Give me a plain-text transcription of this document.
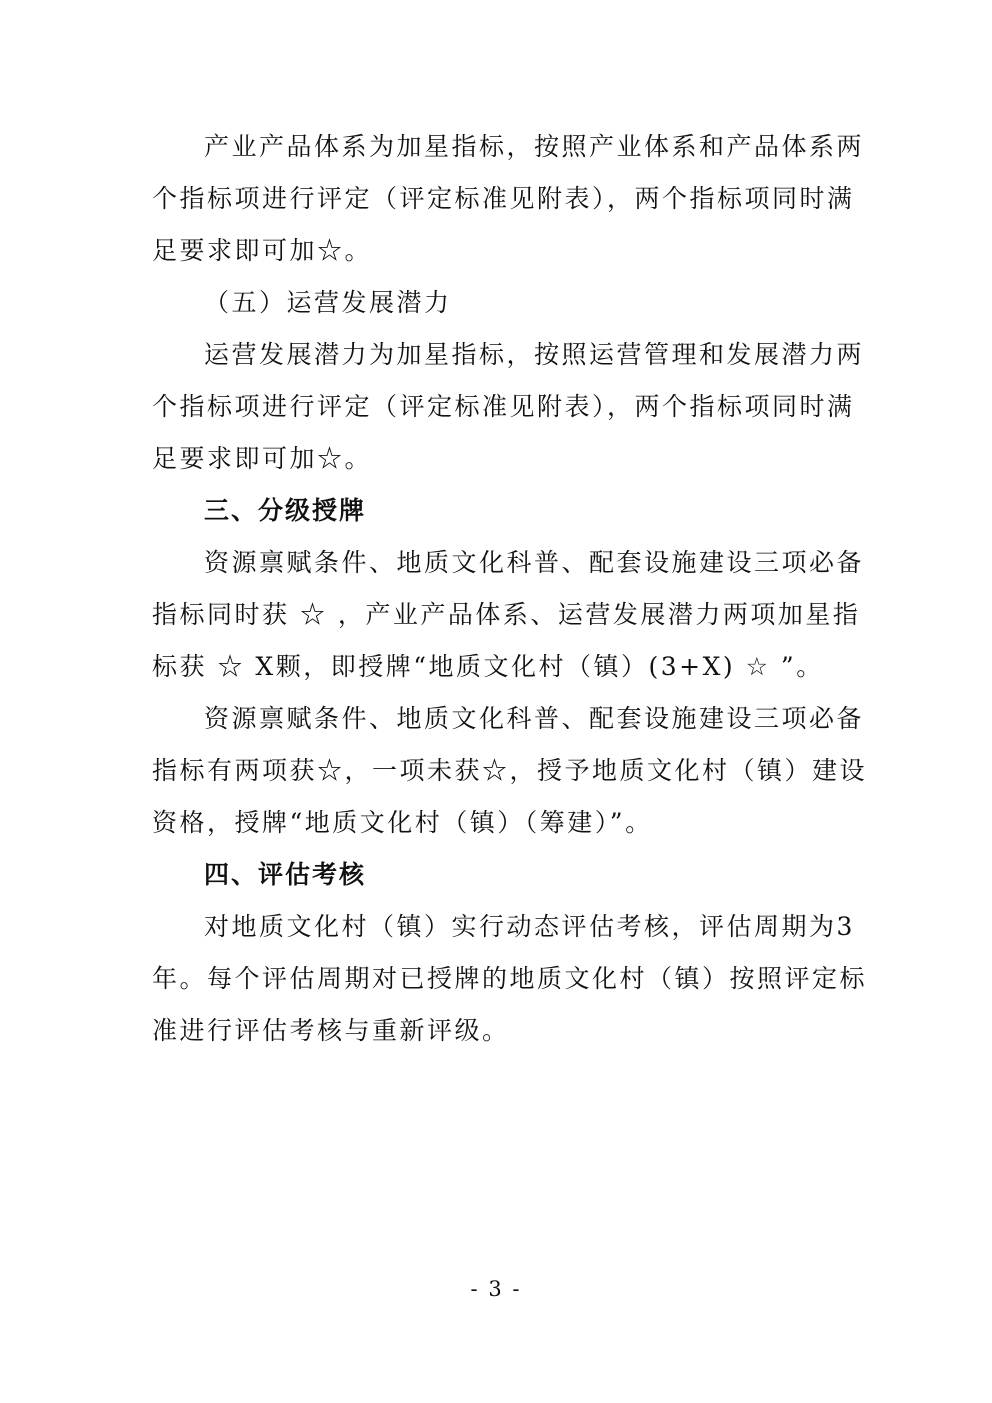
产业产品体系为加星指标，按照产业体系和产品体系两
个指标项进行评定（评定标准见附表），两个指标项同时满
足要求即可加☆。
（五）运营发展潜力
运营发展潜力为加星指标，按照运营管理和发展潜力两
个指标项进行评定（评定标准见附表），两个指标项同时满
足要求即可加☆。
三、分级授牌
资源禀赋条件、地质文化科普、配套设施建设三项必备
指标同时获 ☆ ，产业产品体系、运营发展潜力两项加星指
标获 ☆ X颗，即授牌“地质文化村（镇）(3+X) ☆ ”。
资源禀赋条件、地质文化科普、配套设施建设三项必备
指标有两项获☆，一项未获☆，授予地质文化村（镇）建设
资格，授牌“地质文化村（镇）（筹建）”。
四、评估考核
对地质文化村（镇）实行动态评估考核，评估周期为3
年。每个评估周期对已授牌的地质文化村（镇）按照评定标
准进行评估考核与重新评级。
- 3 -
